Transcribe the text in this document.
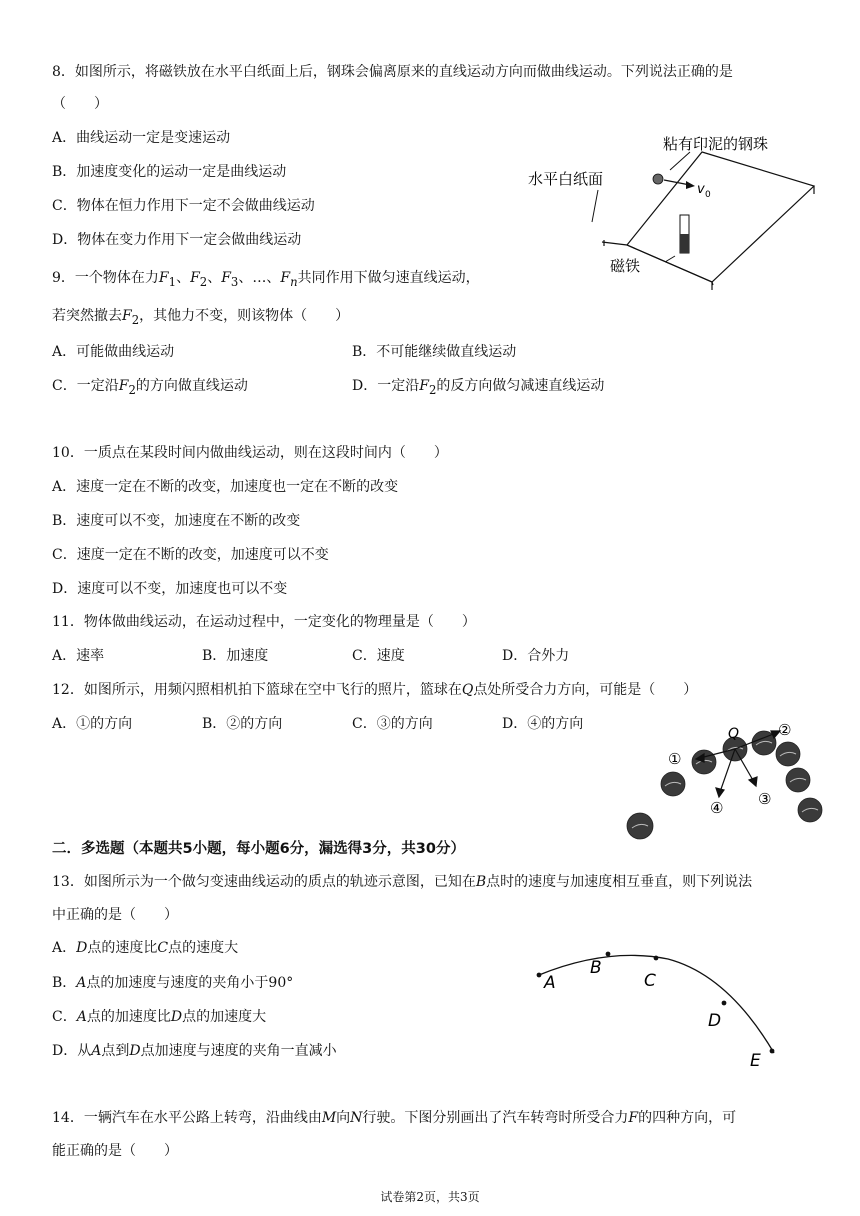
8．如图所示，将磁铁放在水平白纸面上后，钢珠会偏离原来的直线运动方向而做曲线运动。下列说法正确的是
（　　）
A．曲线运动一定是变速运动
B．加速度变化的运动一定是曲线运动
C．物体在恒力作用下一定不会做曲线运动
D．物体在变力作用下一定会做曲线运动
粘有印泥的钢珠
水平白纸面
v 0
磁铁
9．一个物体在力$F_1$、$F_2$、$F_3$、…、$F_n$共同作用下做匀速直线运动，
若突然撤去$F_2$，其他力不变，则该物体（　　）
A．可能做曲线运动	B．不可能继续做直线运动
C．一定沿$F_2$的方向做直线运动	D．一定沿$F_2$的反方向做匀减速直线运动
10．一质点在某段时间内做曲线运动，则在这段时间内（　　）
A．速度一定在不断的改变，加速度也一定在不断的改变
B．速度可以不变，加速度在不断的改变
C．速度一定在不断的改变，加速度可以不变
D．速度可以不变，加速度也可以不变
11．物体做曲线运动，在运动过程中，一定变化的物理量是（　　）
A．速率	B．加速度	C．速度	D．合外力
12．如图所示，用频闪照相机拍下篮球在空中飞行的照片，篮球在Q点处所受合力方向，可能是（　　）
A．①的方向	B．②的方向	C．③的方向	D．④的方向
Q
①
②
③
④
二．多选题（本题共5小题，每小题6分，漏选得3分，共30分）
13．如图所示为一个做匀变速曲线运动的质点的轨迹示意图，已知在B点时的速度与加速度相互垂直，则下列说法
中正确的是（　　）
A．D点的速度比C点的速度大
B．A点的加速度与速度的夹角小于90°
C．A点的加速度比D点的加速度大
D．从A点到D点加速度与速度的夹角一直减小
A
B
C
D
E
14．一辆汽车在水平公路上转弯，沿曲线由M向N行驶。下图分别画出了汽车转弯时所受合力F的四种方向，可
能正确的是（　　）
试卷第2页，共3页
